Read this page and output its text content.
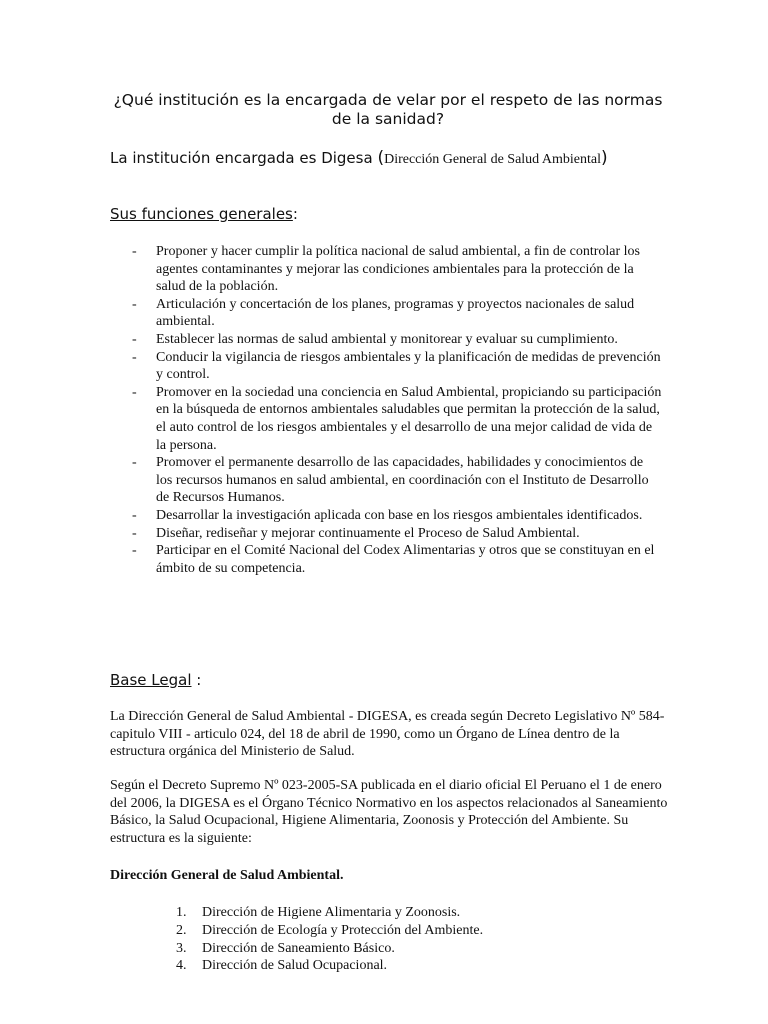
¿Qué institución es la encargada de velar por el respeto de las normas de la sanidad?
La institución encargada es Digesa (Dirección General de Salud Ambiental)
Sus funciones generales:
- Proponer y hacer cumplir la política nacional de salud ambiental, a fin de controlar los agentes contaminantes y mejorar las condiciones ambientales para la protección de la salud de la población.
- Articulación y concertación de los planes, programas y proyectos nacionales de salud ambiental.
- Establecer las normas de salud ambiental y monitorear y evaluar su cumplimiento.
- Conducir la vigilancia de riesgos ambientales y la planificación de medidas de prevención y control.
- Promover en la sociedad una conciencia en Salud Ambiental, propiciando su participación en la búsqueda de entornos ambientales saludables que permitan la protección de la salud, el auto control de los riesgos ambientales y el desarrollo de una mejor calidad de vida de la persona.
- Promover el permanente desarrollo de las capacidades, habilidades y conocimientos de los recursos humanos en salud ambiental, en coordinación con el Instituto de Desarrollo de Recursos Humanos.
- Desarrollar la investigación aplicada con base en los riesgos ambientales identificados.
- Diseñar, rediseñar y mejorar continuamente el Proceso de Salud Ambiental.
- Participar en el Comité Nacional del Codex Alimentarias y otros que se constituyan en el ámbito de su competencia.
Base Legal :
La Dirección General de Salud Ambiental - DIGESA, es creada según Decreto Legislativo Nº 584-capitulo VIII - articulo 024, del 18 de abril de 1990, como un Órgano de Línea dentro de la estructura orgánica del Ministerio de Salud.
Según el Decreto Supremo Nº 023-2005-SA publicada en el diario oficial El Peruano el 1 de enero del 2006, la DIGESA es el Órgano Técnico Normativo en los aspectos relacionados al Saneamiento Básico, la Salud Ocupacional, Higiene Alimentaria, Zoonosis y Protección del Ambiente. Su estructura es la siguiente:
Dirección General de Salud Ambiental.
1. Dirección de Higiene Alimentaria y Zoonosis.
2. Dirección de Ecología y Protección del Ambiente.
3. Dirección de Saneamiento Básico.
4. Dirección de Salud Ocupacional.
